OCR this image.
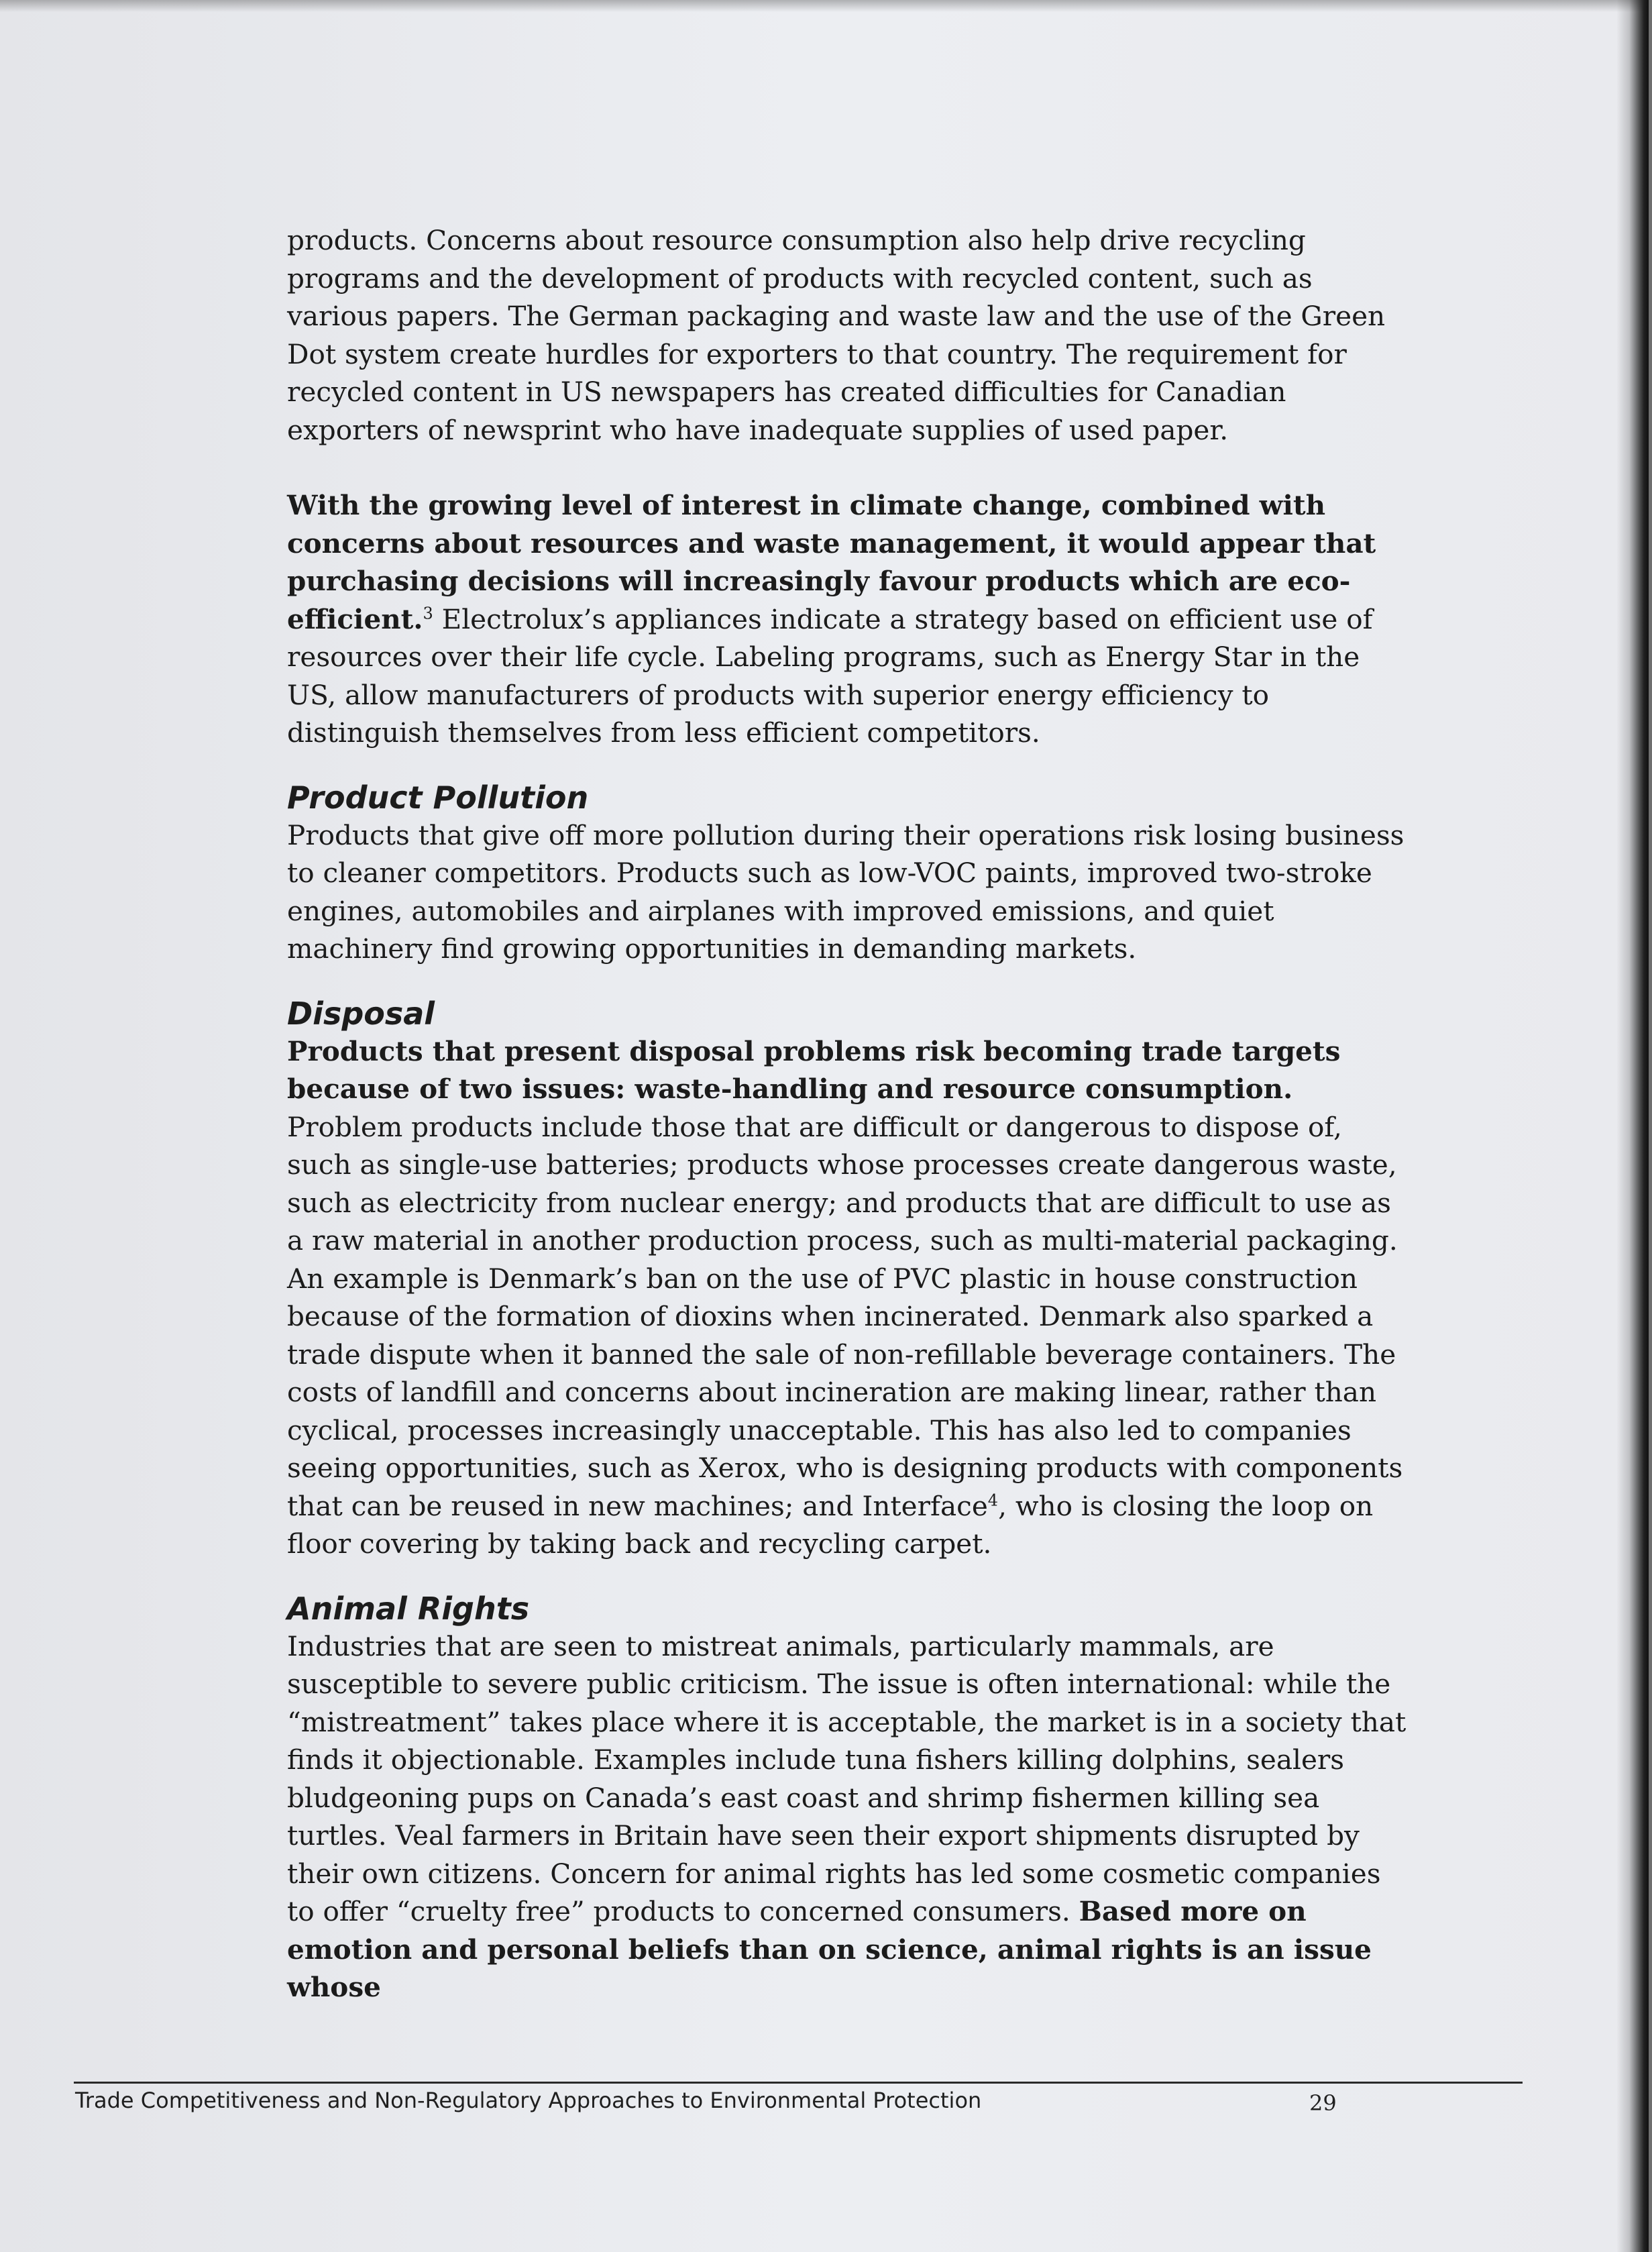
products. Concerns about resource consumption also help drive recycling programs and the development of products with recycled content, such as various papers. The German packaging and waste law and the use of the Green Dot system create hurdles for exporters to that country. The requirement for recycled content in US newspapers has created difficulties for Canadian exporters of newsprint who have inadequate supplies of used paper.

With the growing level of interest in climate change, combined with concerns about resources and waste management, it would appear that purchasing decisions will increasingly favour products which are eco-efficient.$^3$ Electrolux’s appliances indicate a strategy based on efficient use of resources over their life cycle. Labeling programs, such as Energy Star in the US, allow manufacturers of products with superior energy efficiency to distinguish themselves from less efficient competitors.

Product Pollution

Products that give off more pollution during their operations risk losing business to cleaner competitors. Products such as low-VOC paints, improved two-stroke engines, automobiles and airplanes with improved emissions, and quiet machinery find growing opportunities in demanding markets.

Disposal

Products that present disposal problems risk becoming trade targets because of two issues: waste-handling and resource consumption. Problem products include those that are difficult or dangerous to dispose of, such as single-use batteries; products whose processes create dangerous waste, such as electricity from nuclear energy; and products that are difficult to use as a raw material in another production process, such as multi-material packaging. An example is Denmark’s ban on the use of PVC plastic in house construction because of the formation of dioxins when incinerated. Denmark also sparked a trade dispute when it banned the sale of non-refillable beverage containers. The costs of landfill and concerns about incineration are making linear, rather than cyclical, processes increasingly unacceptable. This has also led to companies seeing opportunities, such as Xerox, who is designing products with components that can be reused in new machines; and Interface$^4$, who is closing the loop on floor covering by taking back and recycling carpet.

Animal Rights

Industries that are seen to mistreat animals, particularly mammals, are susceptible to severe public criticism. The issue is often international: while the “mistreatment” takes place where it is acceptable, the market is in a society that finds it objectionable. Examples include tuna fishers killing dolphins, sealers bludgeoning pups on Canada’s east coast and shrimp fishermen killing sea turtles. Veal farmers in Britain have seen their export shipments disrupted by their own citizens. Concern for animal rights has led some cosmetic companies to offer “cruelty free” products to concerned consumers. Based more on emotion and personal beliefs than on science, animal rights is an issue whose

Trade Competitiveness and Non-Regulatory Approaches to Environmental Protection	29
